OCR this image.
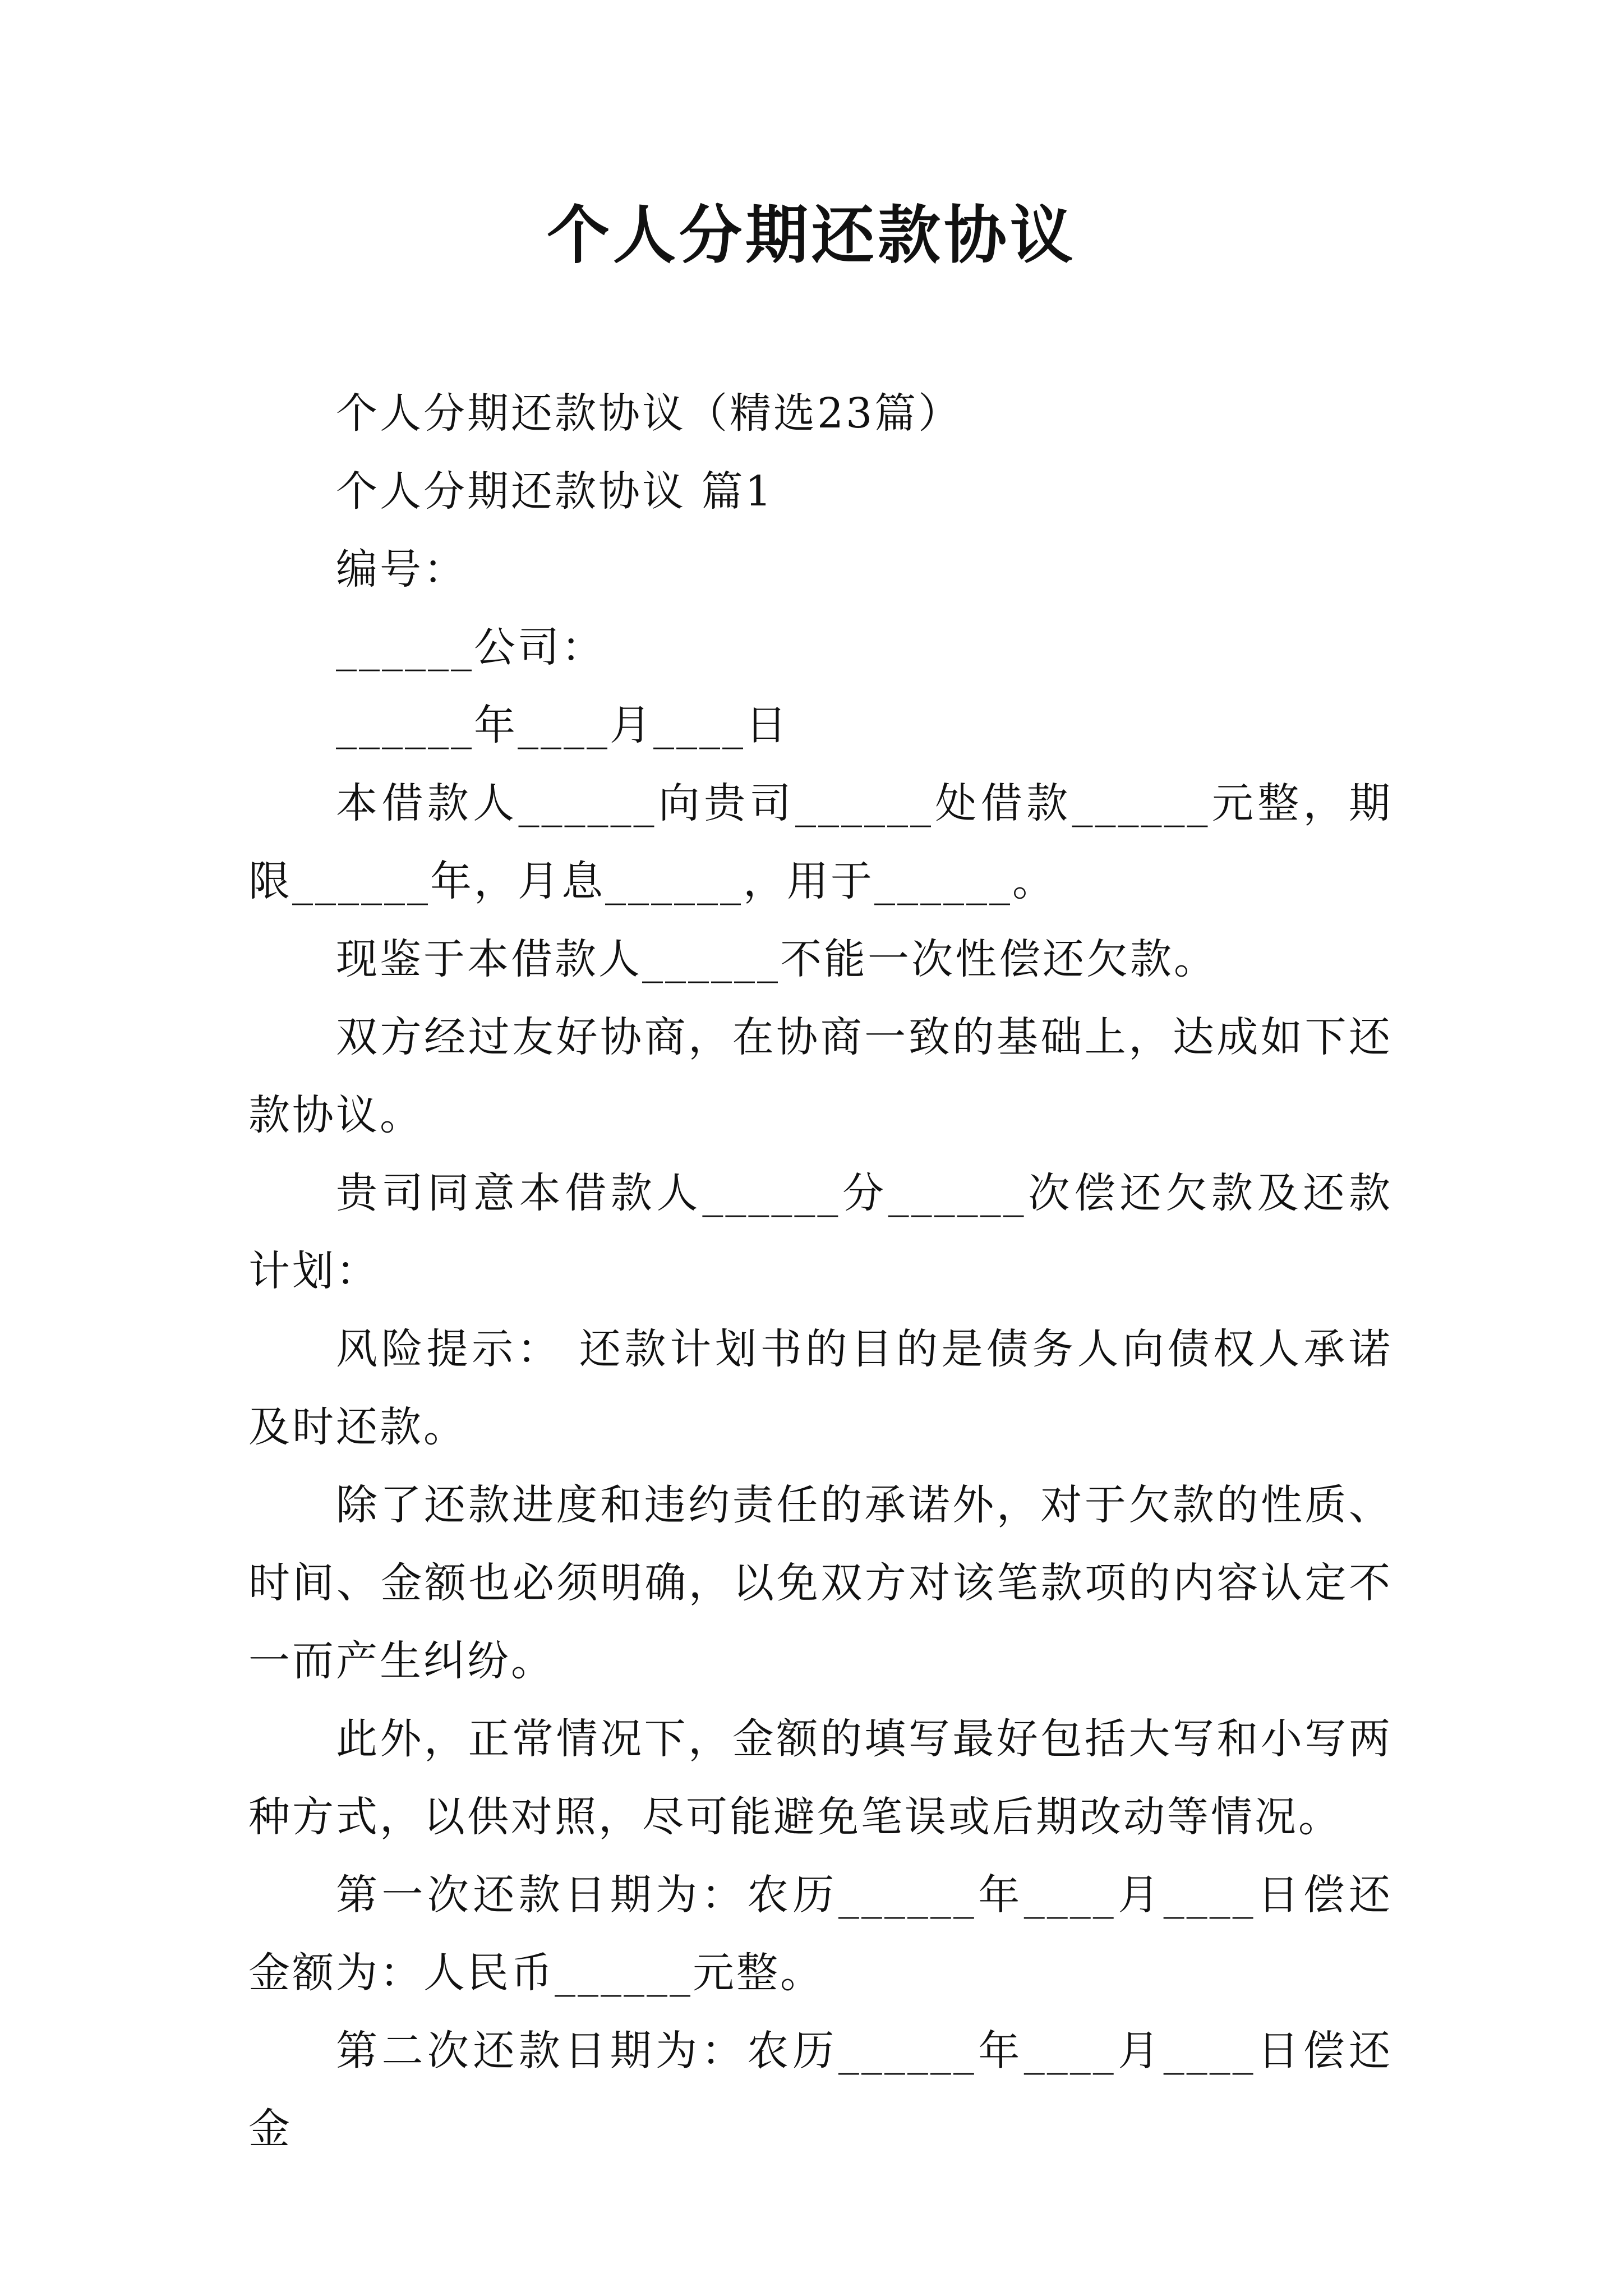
个人分期还款协议

个人分期还款协议（精选23篇）

个人分期还款协议 篇1

编号：

______公司：

______年____月____日

本借款人______向贵司______处借款______元整，期限______年，月息______，用于______。

现鉴于本借款人______不能一次性偿还欠款。

双方经过友好协商，在协商一致的基础上，达成如下还款协议。

贵司同意本借款人______分______次偿还欠款及还款计划：

风险提示： 还款计划书的目的是债务人向债权人承诺及时还款。

除了还款进度和违约责任的承诺外，对于欠款的性质、时间、金额也必须明确，以免双方对该笔款项的内容认定不一而产生纠纷。

此外，正常情况下，金额的填写最好包括大写和小写两种方式，以供对照，尽可能避免笔误或后期改动等情况。

第一次还款日期为：农历______年____月____日偿还金额为：人民币______元整。

第二次还款日期为：农历______年____月____日偿还金
